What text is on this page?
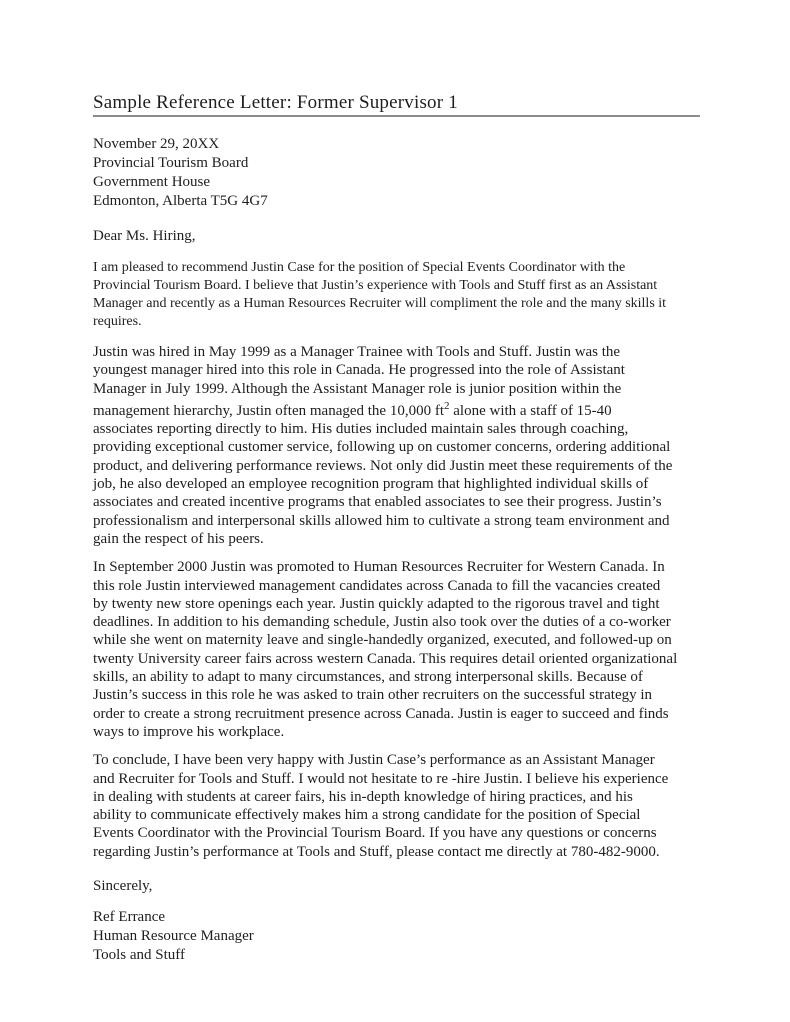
Sample Reference Letter: Former Supervisor 1
November 29, 20XX
Provincial Tourism Board
Government House
Edmonton, Alberta T5G 4G7
Dear Ms. Hiring,
I am pleased to recommend Justin Case for the position of Special Events Coordinator with the
Provincial Tourism Board. I believe that Justin’s experience with Tools and Stuff first as an Assistant
Manager and recently as a Human Resources Recruiter will compliment the role and the many skills it
requires.
Justin was hired in May 1999 as a Manager Trainee with Tools and Stuff. Justin was the
youngest manager hired into this role in Canada. He progressed into the role of Assistant
Manager in July 1999. Although the Assistant Manager role is junior position within the
management hierarchy, Justin often managed the 10,000 $ft^2$ alone with a staff of 15-40
associates reporting directly to him. His duties included maintain sales through coaching,
providing exceptional customer service, following up on customer concerns, ordering additional
product, and delivering performance reviews. Not only did Justin meet these requirements of the
job, he also developed an employee recognition program that highlighted individual skills of
associates and created incentive programs that enabled associates to see their progress. Justin’s
professionalism and interpersonal skills allowed him to cultivate a strong team environment and
gain the respect of his peers.
In September 2000 Justin was promoted to Human Resources Recruiter for Western Canada. In
this role Justin interviewed management candidates across Canada to fill the vacancies created
by twenty new store openings each year. Justin quickly adapted to the rigorous travel and tight
deadlines. In addition to his demanding schedule, Justin also took over the duties of a co-worker
while she went on maternity leave and single-handedly organized, executed, and followed-up on
twenty University career fairs across western Canada. This requires detail oriented organizational
skills, an ability to adapt to many circumstances, and strong interpersonal skills. Because of
Justin’s success in this role he was asked to train other recruiters on the successful strategy in
order to create a strong recruitment presence across Canada. Justin is eager to succeed and finds
ways to improve his workplace.
To conclude, I have been very happy with Justin Case’s performance as an Assistant Manager
and Recruiter for Tools and Stuff. I would not hesitate to re -hire Justin. I believe his experience
in dealing with students at career fairs, his in-depth knowledge of hiring practices, and his
ability to communicate effectively makes him a strong candidate for the position of Special
Events Coordinator with the Provincial Tourism Board. If you have any questions or concerns
regarding Justin’s performance at Tools and Stuff, please contact me directly at 780-482-9000.
Sincerely,
Ref Errance
Human Resource Manager
Tools and Stuff
